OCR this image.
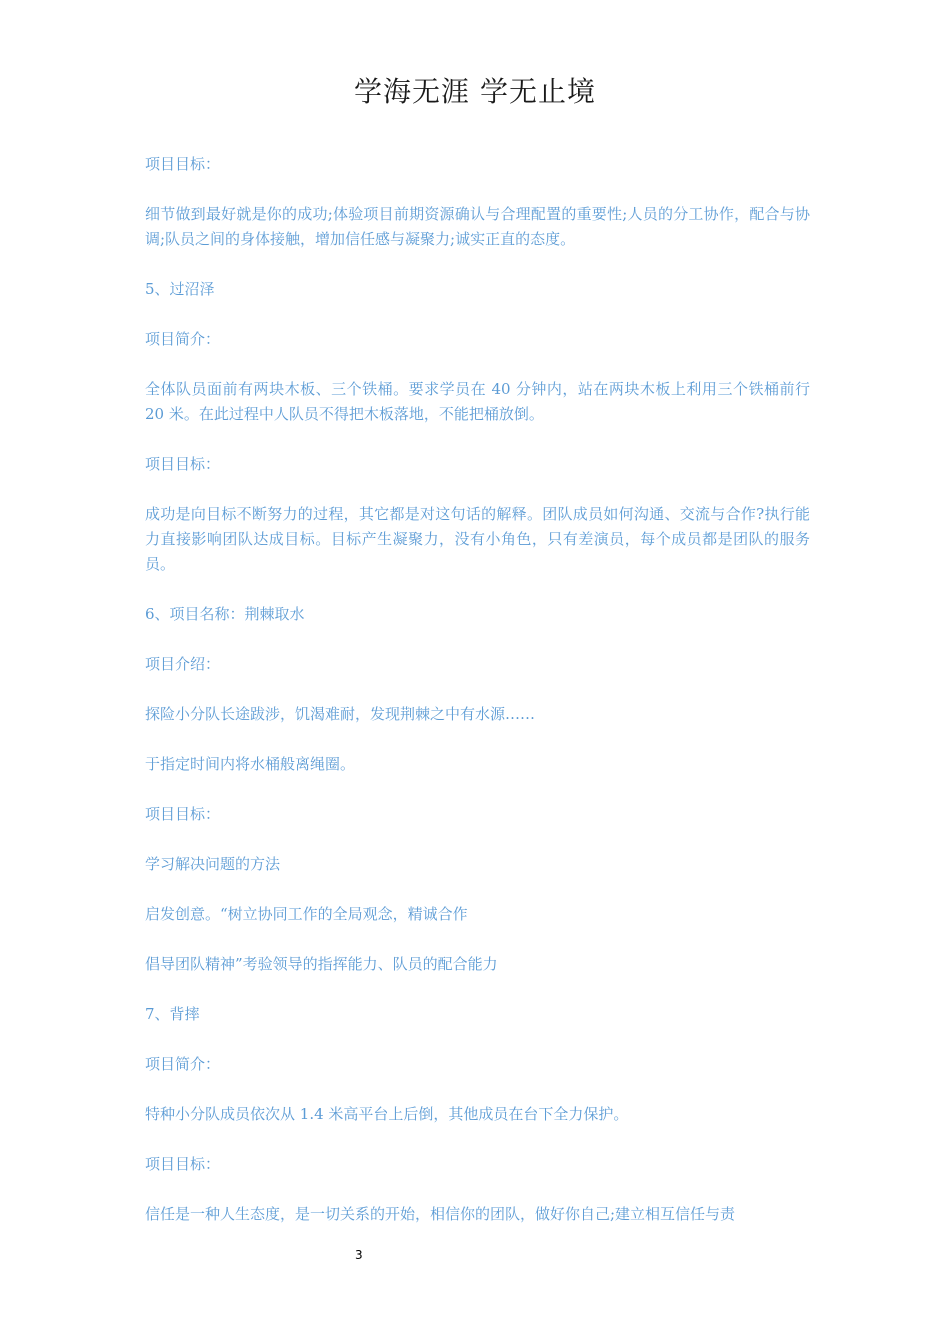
学海无涯 学无止境

项目目标：

细节做到最好就是你的成功;体验项目前期资源确认与合理配置的重要性;人员的分工协作，配合与协调;队员之间的身体接触，增加信任感与凝聚力;诚实正直的态度。

5、过沼泽

项目简介：

全体队员面前有两块木板、三个铁桶。要求学员在 40 分钟内，站在两块木板上利用三个铁桶前行 20 米。在此过程中人队员不得把木板落地，不能把桶放倒。

项目目标：

成功是向目标不断努力的过程，其它都是对这句话的解释。团队成员如何沟通、交流与合作?执行能力直接影响团队达成目标。目标产生凝聚力，没有小角色，只有差演员，每个成员都是团队的服务员。

6、项目名称：荆棘取水

项目介绍：

探险小分队长途跋涉，饥渴难耐，发现荆棘之中有水源……

于指定时间内将水桶般离绳圈。

项目目标：

学习解决问题的方法

启发创意。“树立协同工作的全局观念，精诚合作

倡导团队精神”考验领导的指挥能力、队员的配合能力

7、背摔

项目简介：

特种小分队成员依次从 1.4 米高平台上后倒，其他成员在台下全力保护。

项目目标：

信任是一种人生态度，是一切关系的开始，相信你的团队，做好你自己;建立相互信任与责

3
